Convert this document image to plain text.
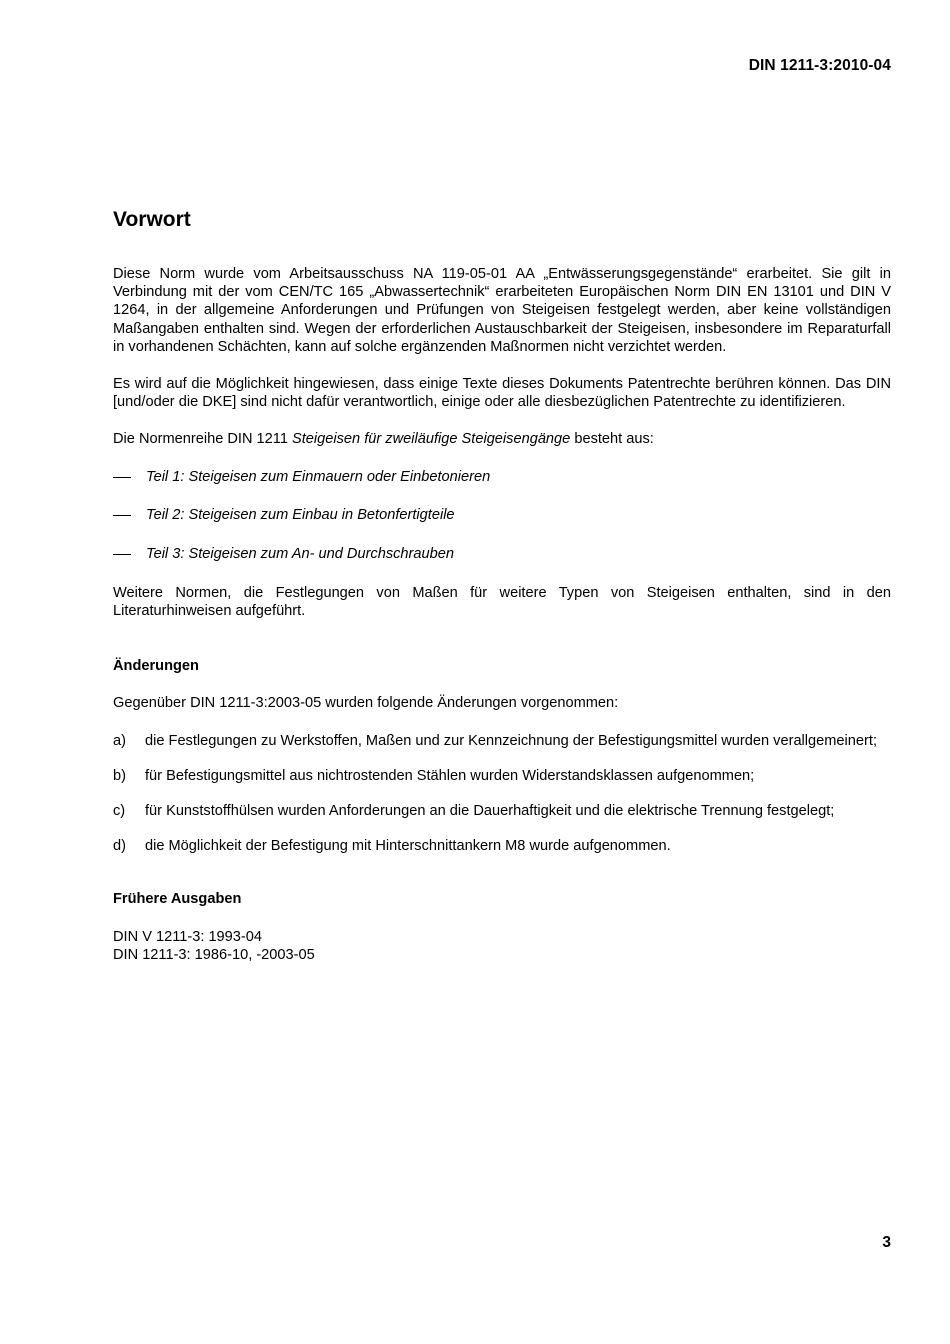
DIN 1211-3:2010-04
Vorwort

Diese Norm wurde vom Arbeitsausschuss NA 119-05-01 AA „Entwässerungsgegenstände“ erarbeitet. Sie gilt in Verbindung mit der vom CEN/TC 165 „Abwassertechnik“ erarbeiteten Europäischen Norm DIN EN 13101 und DIN V 1264, in der allgemeine Anforderungen und Prüfungen von Steigeisen festgelegt werden, aber keine vollständigen Maßangaben enthalten sind. Wegen der erforderlichen Austauschbarkeit der Steigeisen, insbesondere im Reparaturfall in vorhandenen Schächten, kann auf solche ergänzenden Maßnormen nicht verzichtet werden.

Es wird auf die Möglichkeit hingewiesen, dass einige Texte dieses Dokuments Patentrechte berühren können. Das DIN [und/oder die DKE] sind nicht dafür verantwortlich, einige oder alle diesbezüglichen Patentrechte zu identifizieren.

Die Normenreihe DIN 1211 Steigeisen für zweiläufige Steigeisengänge besteht aus:

Teil 1: Steigeisen zum Einmauern oder Einbetonieren
Teil 2: Steigeisen zum Einbau in Betonfertigteile
Teil 3: Steigeisen zum An- und Durchschrauben

Weitere Normen, die Festlegungen von Maßen für weitere Typen von Steigeisen enthalten, sind in den Literaturhinweisen aufgeführt.

Änderungen

Gegenüber DIN 1211-3:2003-05 wurden folgende Änderungen vorgenommen:

a) die Festlegungen zu Werkstoffen, Maßen und zur Kennzeichnung der Befestigungsmittel wurden verallgemeinert;
b) für Befestigungsmittel aus nichtrostenden Stählen wurden Widerstandsklassen aufgenommen;
c) für Kunststoffhülsen wurden Anforderungen an die Dauerhaftigkeit und die elektrische Trennung festgelegt;
d) die Möglichkeit der Befestigung mit Hinterschnittankern M8 wurde aufgenommen.
Frühere Ausgaben
DIN V 1211-3: 1993-04
DIN 1211-3: 1986-10, -2003-05
3
